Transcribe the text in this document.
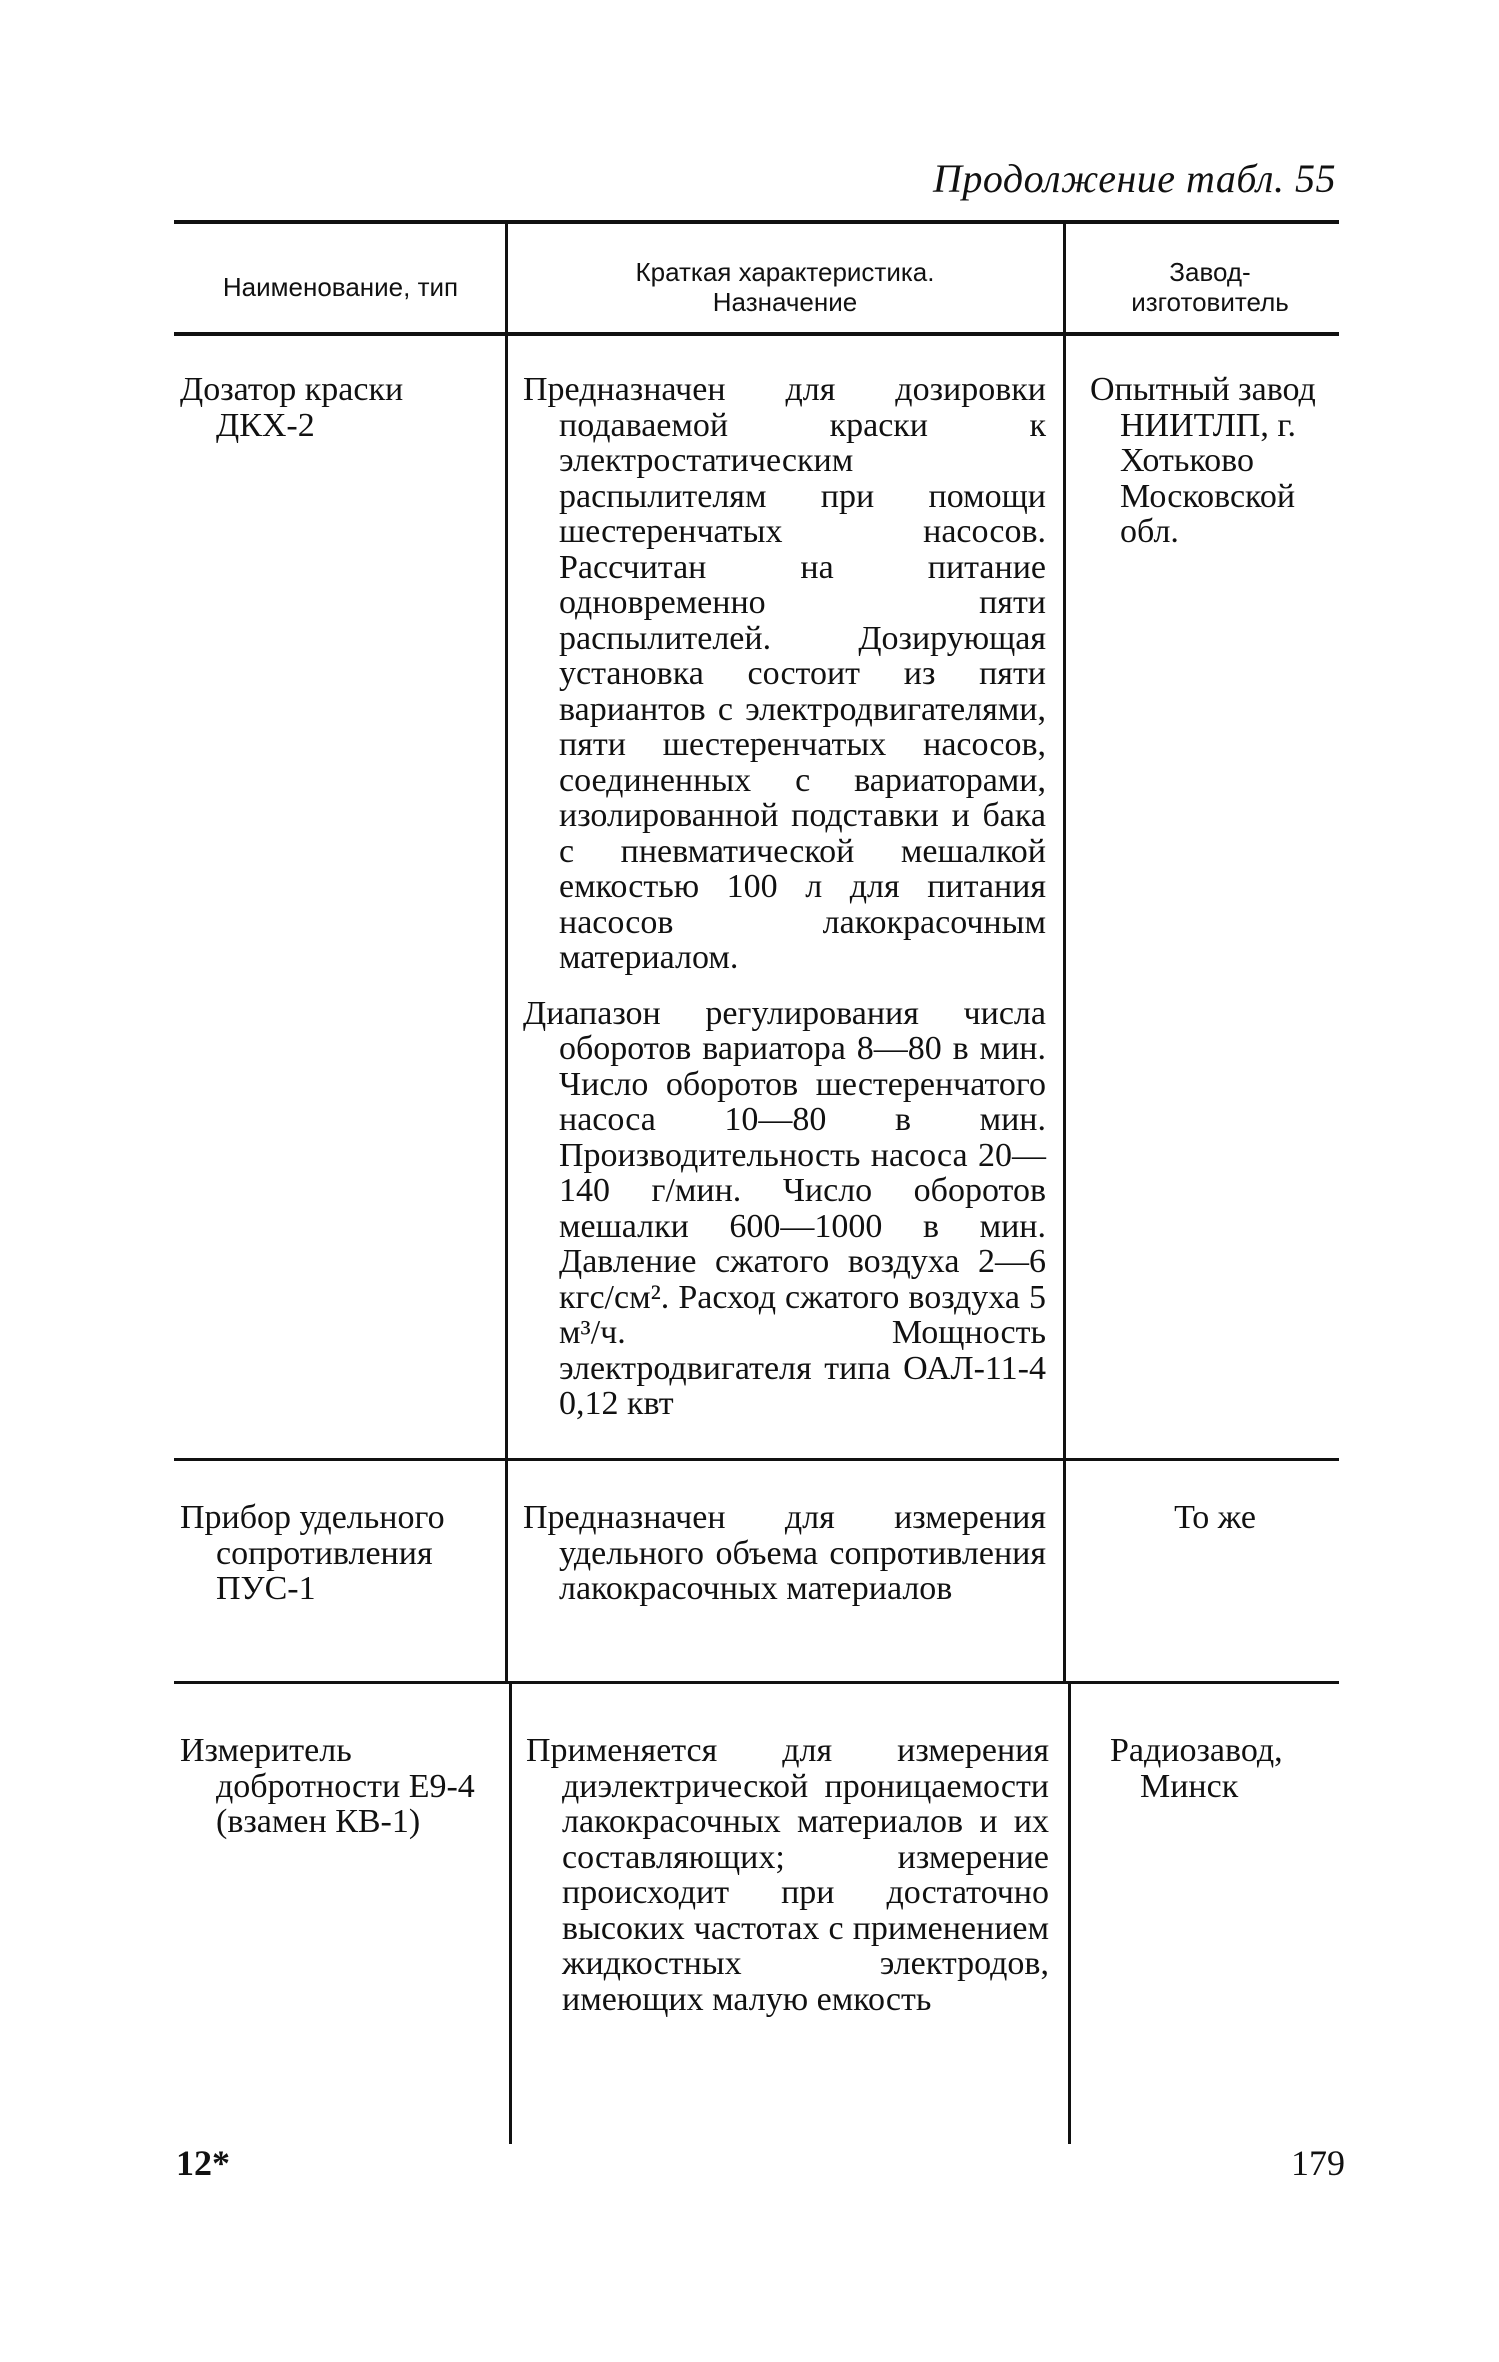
Продолжение табл. 55
Наименование, тип	Краткая характеристика. Назначение
Завод-изготовитель

Дозатор краски ДКХ-2

Предназначен для дозировки подаваемой краски к электростатическим распылителям при помощи шестеренчатых насосов. Рассчитан на питание одновременно пяти распылителей. Дозирующая установка состоит из пяти вариантов с электродвигателями, пяти шестеренчатых насосов, соединенных с вариаторами, изолированной подставки и бака с пневматической мешалкой емкостью 100 л для питания насосов лакокрасочным материалом.

Диапазон регулирования числа оборотов вариатора 8—80 в мин. Число оборотов шестеренчатого насоса 10—80 в мин. Производительность насоса 20—140 г/мин. Число оборотов мешалки 600—1000 в мин. Давление сжатого воздуха 2—6 кгс/см². Расход сжатого воздуха 5 м³/ч. Мощность электродвигателя типа ОАЛ-11-4 0,12 квт

Опытный завод НИИТЛП, г. Хотьково Московской обл.

Прибор удельного сопротивления ПУС-1

Предназначен для измерения удельного объема сопротивления лакокрасочных материалов

То же

Измеритель добротности Е9-4 (взамен КВ-1)

Применяется для измерения диэлектрической проницаемости лакокрасочных материалов и их составляющих; измерение происходит при достаточно высоких частотах с применением жидкостных электродов, имеющих малую емкость

Радиозавод, Минск

12*	179
